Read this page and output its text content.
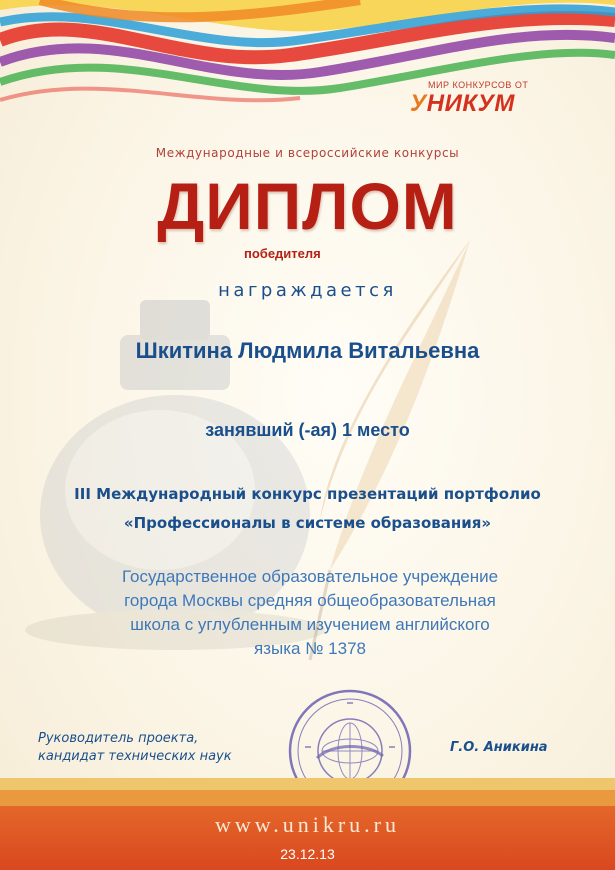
МИР КОНКУРСОВ ОТ
УНИКУМ
Международные и всероссийские конкурсы
ДИПЛОМ
победителя
награждается
Шкитина Людмила Витальевна
занявший (-ая) 1 место
III Международный конкурс презентаций портфолио
«Профессионалы в системе образования»
Государственное образовательное учреждение
города Москвы средняя общеобразовательная
школа с углубленным изучением английского
языка № 1378
Руководитель проекта,
кандидат технических наук
Г.О. Аникина
www.unikru.ru
23.12.13
